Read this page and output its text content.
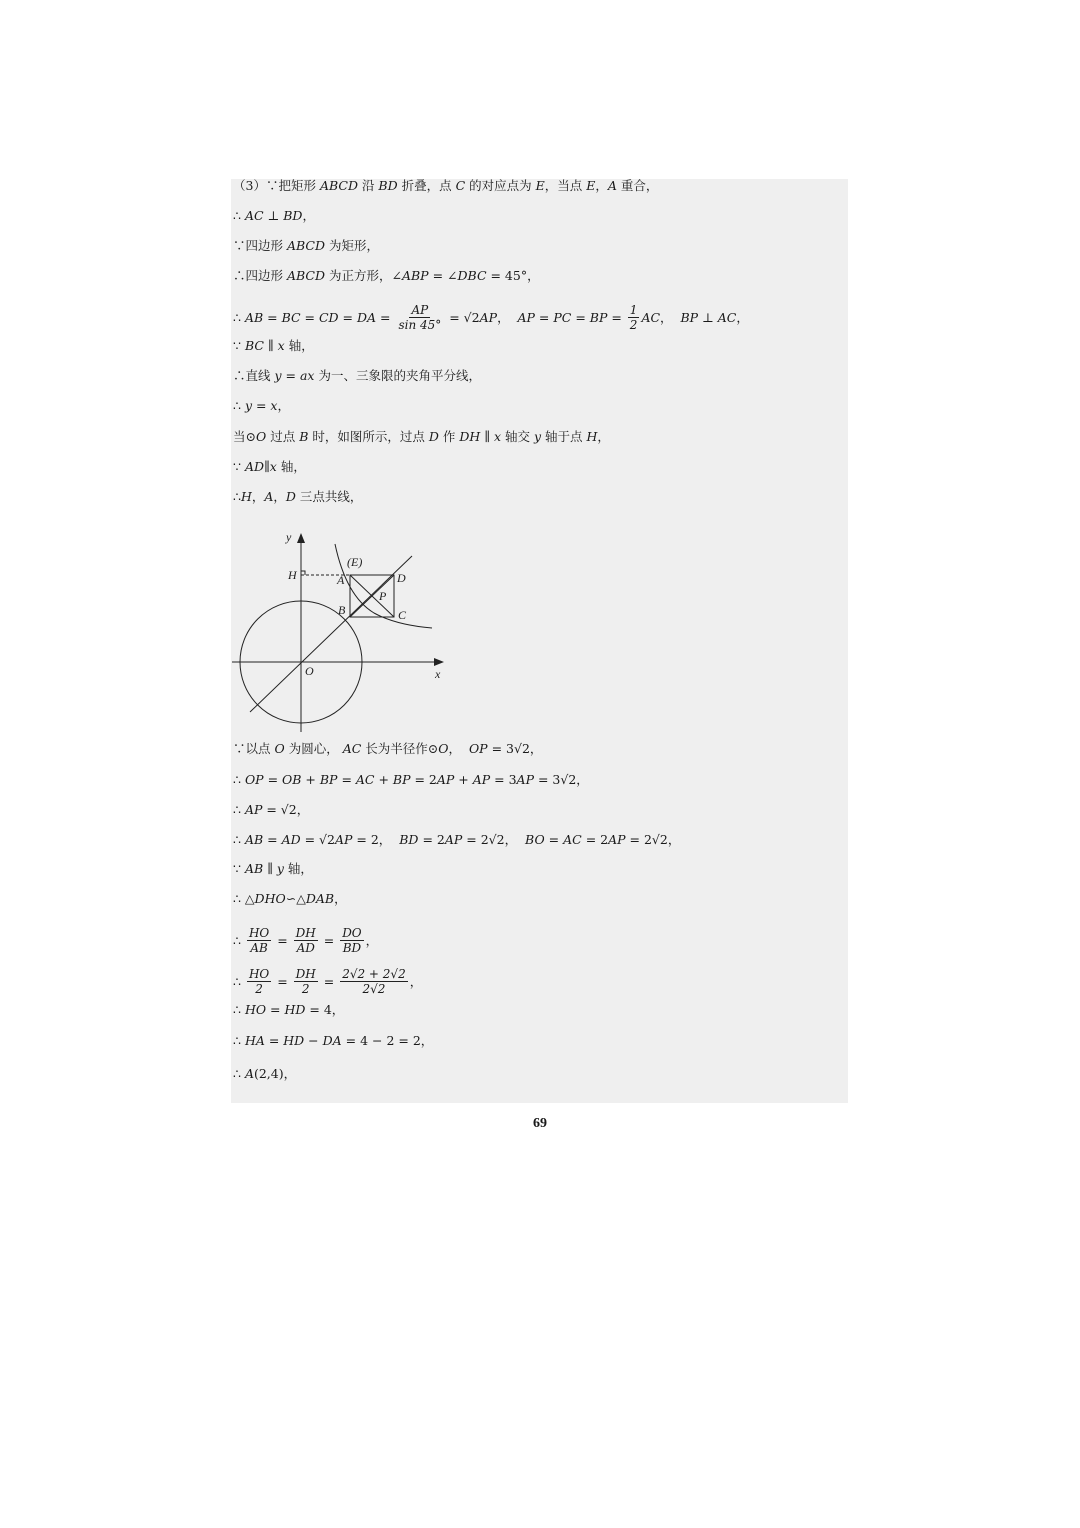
（3）∵把矩形 ABCD 沿 BD 折叠，点 C 的对应点为 E ，当点 E ， A 重合，
∴ AC ⊥ BD ，
∵四边形 ABCD 为矩形，
∴四边形 ABCD 为正方形，∠ ABP = ∠ DBC = 45°，
∴ AB = BC = CD = DA = $\frac{AP}{\sin 45^\circ} = √2$ AP ， AP = PC = BP = $\frac{1}{2}$ AC ， BP ⊥ AC ，
∵ BC ∥ x 轴，
∴直线 y = ax 为一、三象限的夹角平分线，
∴ y = x ，
当⊙ O 过点 B 时，如图所示，过点 D 作 DH ∥ x 轴交 y 轴于点 H ，
∵ AD ∥ x 轴，
∴ H ， A ， D 三点共线，
∵以点 O 为圆心， AC 长为半径作⊙ O ， OP = 3√2，
∴ OP = OB + BP = AC + BP = 2 AP + AP = 3 AP = 3√2，
∴ AP = √2，
∴ AB = AD = √2 AP = 2， BD = 2 AP = 2√2， BO = AC = 2 AP = 2√2，
∵ AB ∥ y 轴，
∴ △ DHO ∽△ DAB ，
∴ $\frac{HO}{AB} = \frac{DH}{AD} = \frac{DO}{BD}$ ，
∴ $\frac{HO}{2} = \frac{DH}{2} = \frac{2√2 + 2√2}{2√2}$ ，
∴ HO = HD = 4，
∴ HA = HD − DA = 4 − 2 = 2，
∴ A (2,4)，
y
x
O
H	A
(E)
D
B	C
P
69
